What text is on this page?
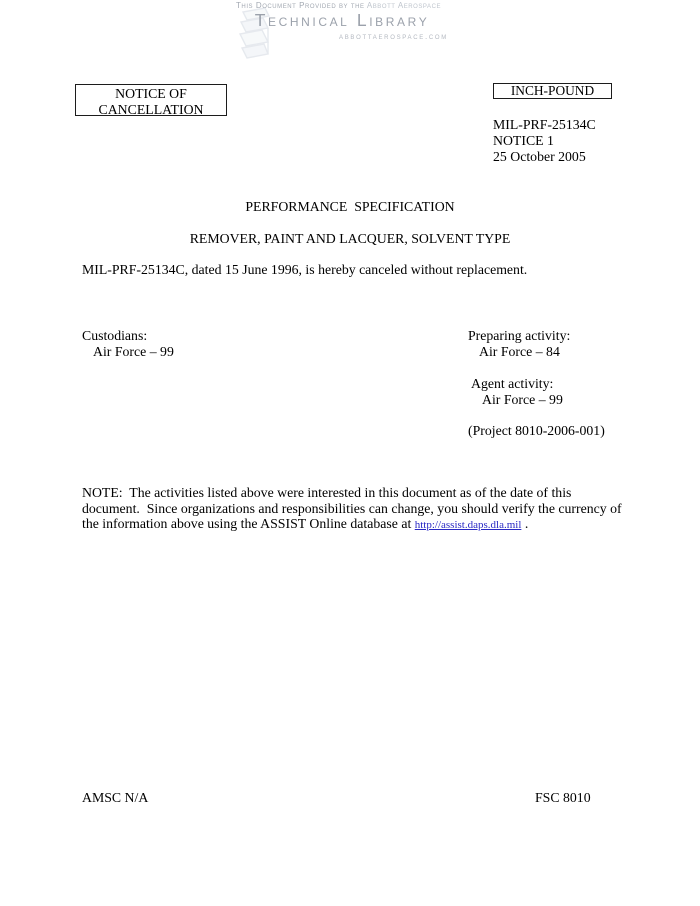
This Document Provided by the Abbott Aerospace
Technical Library
abbottaerospace.com
NOTICE OF
CANCELLATION
INCH-POUND
MIL-PRF-25134C
NOTICE 1
25 October 2005
PERFORMANCE  SPECIFICATION
REMOVER, PAINT AND LACQUER, SOLVENT TYPE
MIL-PRF-25134C, dated 15 June 1996, is hereby canceled without replacement.
Custodians:
Air Force – 99
Preparing activity:
Air Force – 84
Agent activity:
Air Force – 99
(Project 8010-2006-001)
NOTE:  The activities listed above were interested in this document as of the date of this document.  Since organizations and responsibilities can change, you should verify the currency of the information above using the ASSIST Online database at http://assist.daps.dla.mil .
AMSC N/A	FSC 8010
